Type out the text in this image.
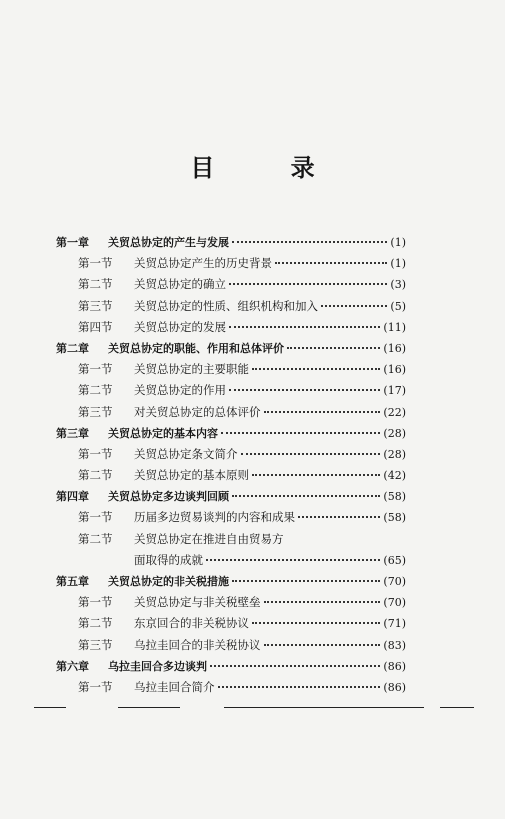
目 录
第一章	关贸总协定的产生与发展	(1)
第一节	关贸总协定产生的历史背景	(1)
第二节	关贸总协定的确立	(3)
第三节	关贸总协定的性质、组织机构和加入	(5)
第四节	关贸总协定的发展	(11)
第二章	关贸总协定的职能、作用和总体评价	(16)
第一节	关贸总协定的主要职能	(16)
第二节	关贸总协定的作用	(17)
第三节	对关贸总协定的总体评价	(22)
第三章	关贸总协定的基本内容	(28)
第一节	关贸总协定条文简介	(28)
第二节	关贸总协定的基本原则	(42)
第四章	关贸总协定多边谈判回顾	(58)
第一节	历届多边贸易谈判的内容和成果	(58)
第二节	关贸总协定在推进自由贸易方
面取得的成就	(65)
第五章	关贸总协定的非关税措施	(70)
第一节	关贸总协定与非关税壁垒	(70)
第二节	东京回合的非关税协议	(71)
第三节	乌拉圭回合的非关税协议	(83)
第六章	乌拉圭回合多边谈判	(86)
第一节	乌拉圭回合简介	(86)
